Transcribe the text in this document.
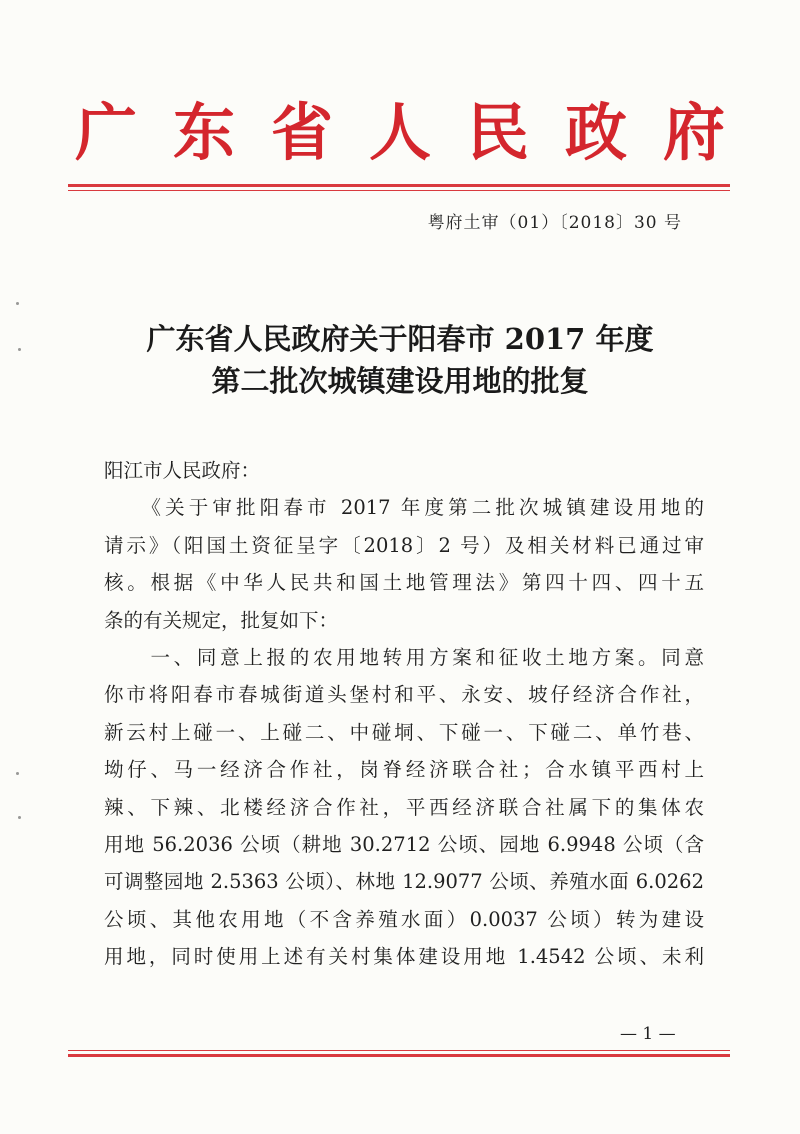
广 东 省 人 民 政 府
粤府土审（01）〔2018〕30 号
广东省人民政府关于阳春市 2017 年度
第二批次城镇建设用地的批复
阳江市人民政府：
　　《关于审批阳春市 2017 年度第二批次城镇建设用地的
请示》（阳国土资征呈字〔2018〕2 号）及相关材料已通过审
核。根据《中华人民共和国土地管理法》第四十四、四十五
条的有关规定，批复如下：
　　一、同意上报的农用地转用方案和征收土地方案。同意
你市将阳春市春城街道头堡村和平、永安、坡仔经济合作社，
新云村上碰一、上碰二、中碰垌、下碰一、下碰二、单竹巷、
坳仔、马一经济合作社，岗脊经济联合社；合水镇平西村上
辣、下辣、北楼经济合作社，平西经济联合社属下的集体农
用地 56.2036 公顷（耕地 30.2712 公顷、园地 6.9948 公顷（含
可调整园地 2.5363 公顷）、林地 12.9077 公顷、养殖水面 6.0262
公顷、其他农用地（不含养殖水面）0.0037 公顷）转为建设
用地，同时使用上述有关村集体建设用地 1.4542 公顷、未利
— 1 —
